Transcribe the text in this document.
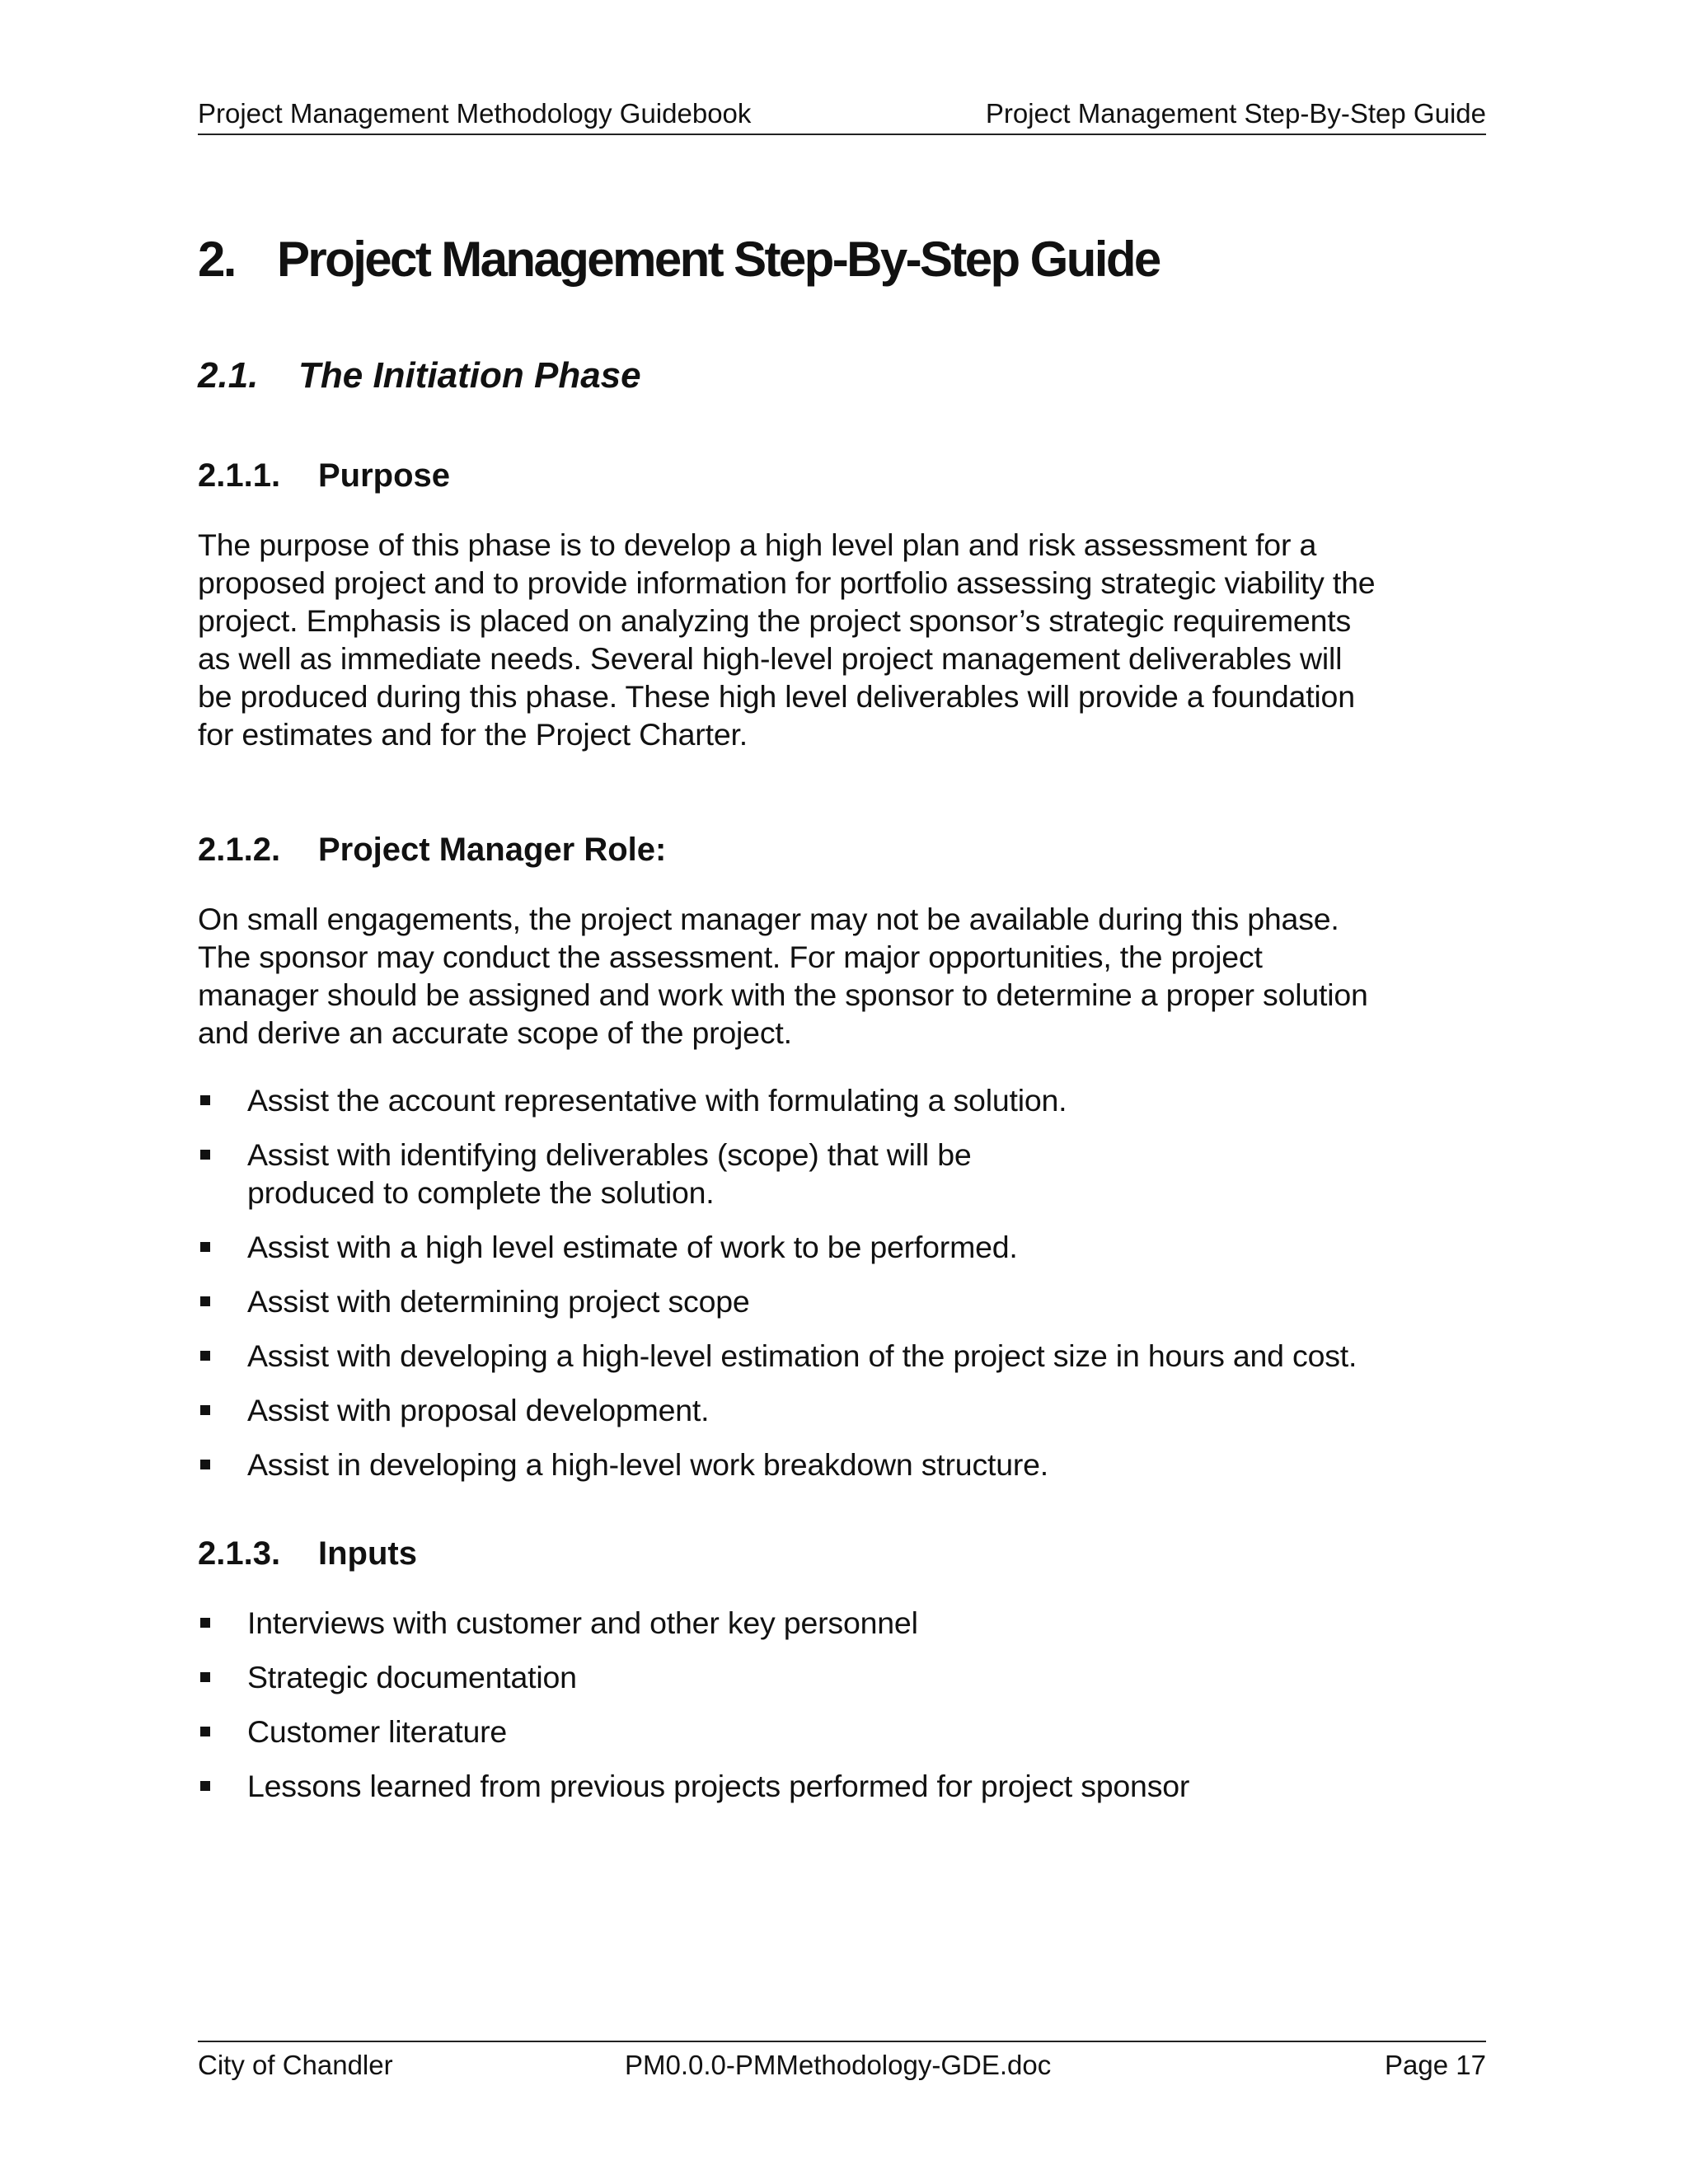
Project Management Methodology Guidebook	Project Management Step-By-Step Guide
2. Project Management Step-By-Step Guide
2.1.	The Initiation Phase
2.1.1.	Purpose

The purpose of this phase is to develop a high level plan and risk assessment for a
proposed project and to provide information for portfolio assessing strategic viability the
project. Emphasis is placed on analyzing the project sponsor’s strategic requirements
as well as immediate needs. Several high-level project management deliverables will
be produced during this phase. These high level deliverables will provide a foundation
for estimates and for the Project Charter.

2.1.2.	Project Manager Role:

On small engagements, the project manager may not be available during this phase.
The sponsor may conduct the assessment. For major opportunities, the project
manager should be assigned and work with the sponsor to determine a proper solution
and derive an accurate scope of the project.

Assist the account representative with formulating a solution.
Assist with identifying deliverables (scope) that will be produced to complete the solution.
Assist with a high level estimate of work to be performed.
Assist with determining project scope
Assist with developing a high-level estimation of the project size in hours and cost.
Assist with proposal development.
Assist in developing a high-level work breakdown structure.
2.1.3.	Inputs
Interviews with customer and other key personnel
Strategic documentation
Customer literature
Lessons learned from previous projects performed for project sponsor
City of Chandler	PM0.0.0-PMMethodology-GDE.doc	Page 17
